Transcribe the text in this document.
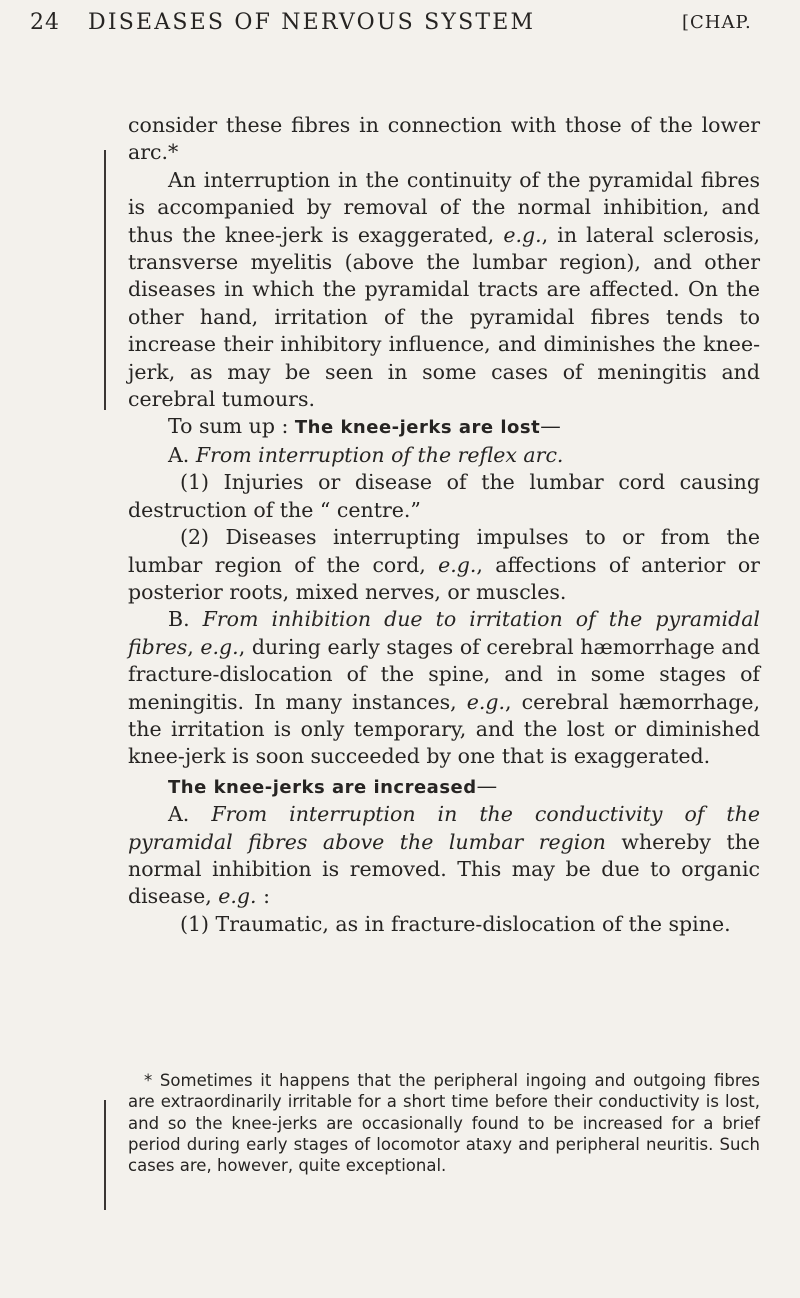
24 DISEASES OF NERVOUS SYSTEM	[CHAP.

consider these fibres in connection with those of the lower arc.*

An interruption in the continuity of the pyramidal fibres is accompanied by removal of the normal inhibition, and thus the knee-jerk is exaggerated, e.g., in lateral sclerosis, transverse myelitis (above the lumbar region), and other diseases in which the pyramidal tracts are affected. On the other hand, irritation of the pyramidal fibres tends to increase their inhibitory influence, and diminishes the knee-jerk, as may be seen in some cases of meningitis and cerebral tumours.

To sum up : The knee-jerks are lost—

A. From interruption of the reflex arc.

(1) Injuries or disease of the lumbar cord causing destruction of the “ centre.”

(2) Diseases interrupting impulses to or from the lumbar region of the cord, e.g., affections of anterior or posterior roots, mixed nerves, or muscles.

B. From inhibition due to irritation of the pyramidal fibres, e.g., during early stages of cerebral hæmorrhage and fracture-dislocation of the spine, and in some stages of meningitis. In many instances, e.g., cerebral hæmorrhage, the irritation is only temporary, and the lost or diminished knee-jerk is soon succeeded by one that is exaggerated.

The knee-jerks are increased—

A. From interruption in the conductivity of the pyramidal fibres above the lumbar region whereby the normal inhibition is removed. This may be due to organic disease, e.g. :

(1) Traumatic, as in fracture-dislocation of the spine.

* Sometimes it happens that the peripheral ingoing and outgoing fibres are extraordinarily irritable for a short time before their conductivity is lost, and so the knee-jerks are occasionally found to be increased for a brief period during early stages of locomotor ataxy and peripheral neuritis. Such cases are, however, quite exceptional.
